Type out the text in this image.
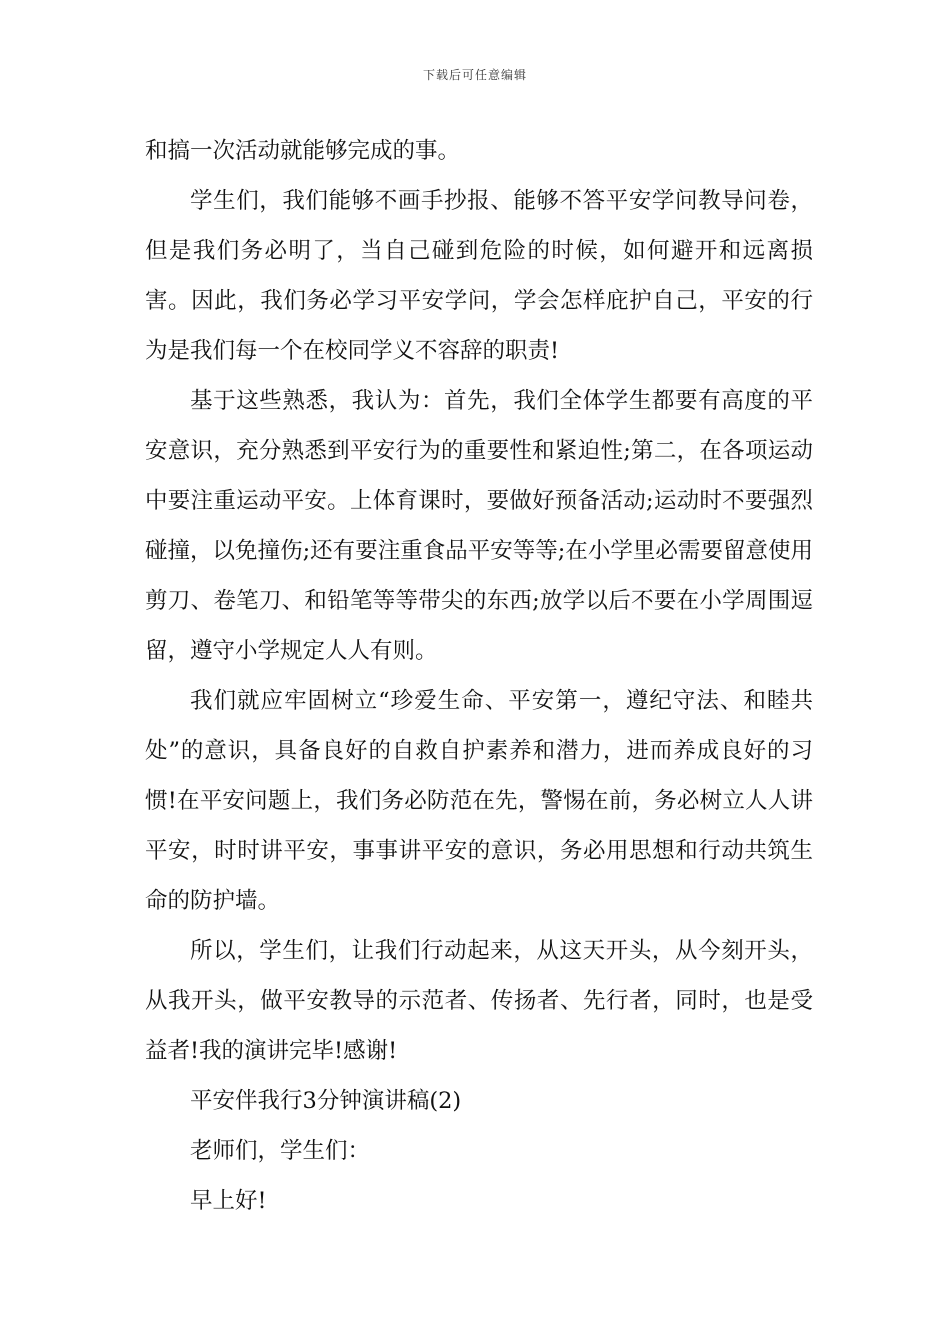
下载后可任意编辑

和搞一次活动就能够完成的事。

学生们，我们能够不画手抄报、能够不答平安学问教导问卷，但是我们务必明了，当自己碰到危险的时候，如何避开和远离损害。因此，我们务必学习平安学问，学会怎样庇护自己，平安的行为是我们每一个在校同学义不容辞的职责!

基于这些熟悉，我认为：首先，我们全体学生都要有高度的平安意识，充分熟悉到平安行为的重要性和紧迫性;第二，在各项运动中要注重运动平安。上体育课时，要做好预备活动;运动时不要强烈碰撞，以免撞伤;还有要注重食品平安等等;在小学里必需要留意使用剪刀、卷笔刀、和铅笔等等带尖的东西;放学以后不要在小学周围逗留，遵守小学规定人人有则。

我们就应牢固树立“珍爱生命、平安第一，遵纪守法、和睦共处”的意识，具备良好的自救自护素养和潜力，进而养成良好的习惯!在平安问题上，我们务必防范在先，警惕在前，务必树立人人讲平安，时时讲平安，事事讲平安的意识，务必用思想和行动共筑生命的防护墙。

所以，学生们，让我们行动起来，从这天开头，从今刻开头，从我开头，做平安教导的示范者、传扬者、先行者，同时，也是受益者!我的演讲完毕!感谢!

平安伴我行3分钟演讲稿(2)

老师们，学生们：

早上好!
